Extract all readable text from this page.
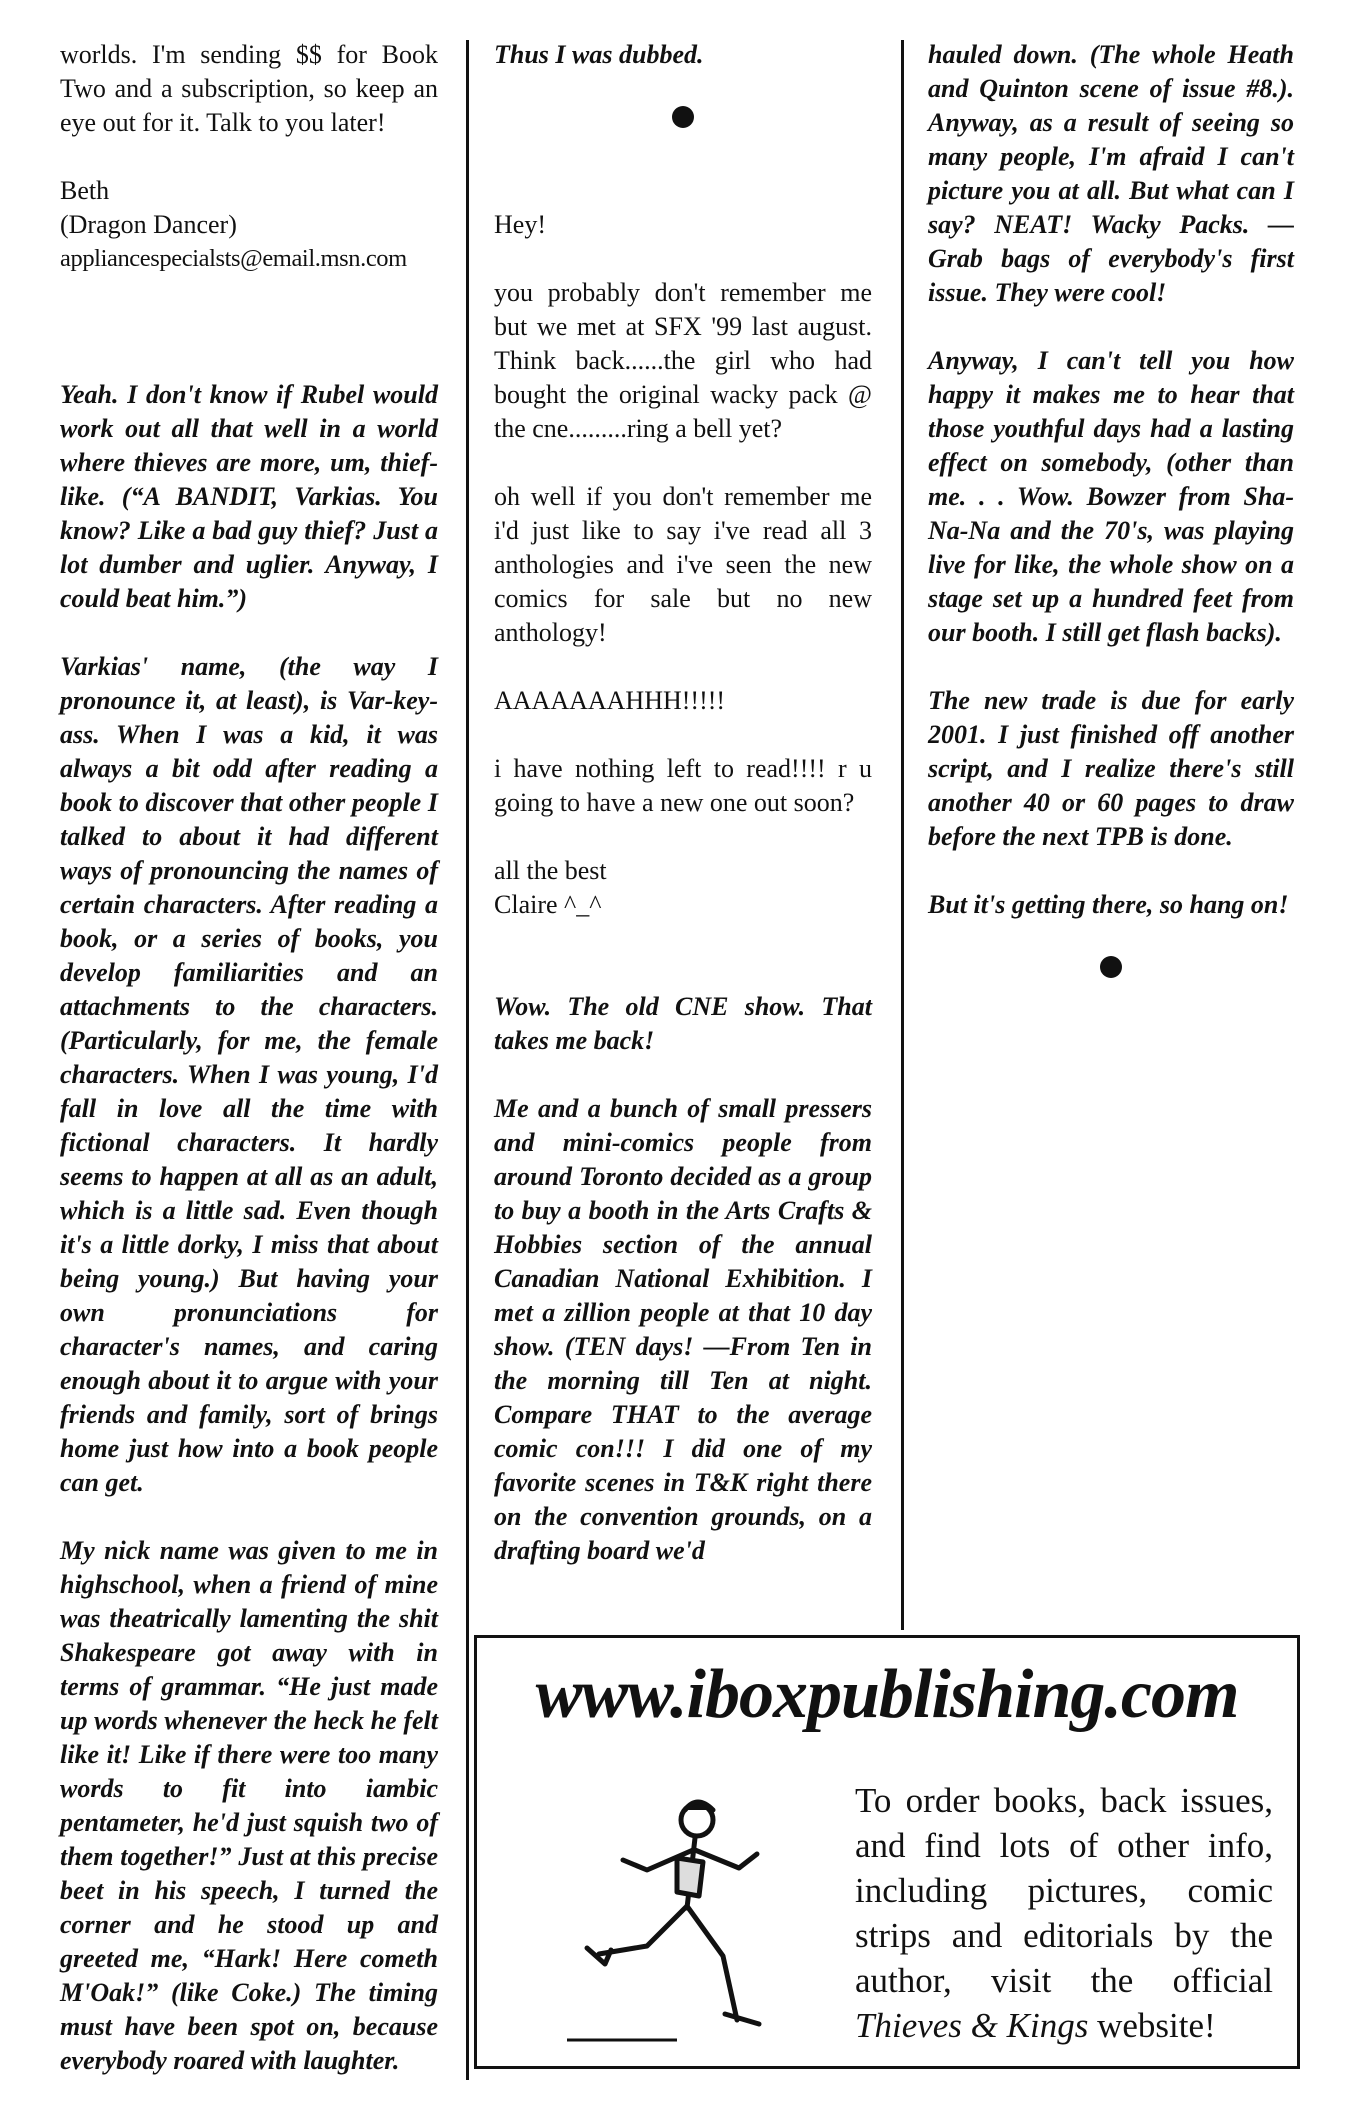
worlds. I'm sending $$ for Book Two and a subscription, so keep an eye out for it. Talk to you later!

Beth
(Dragon Dancer)
appliancespecialsts@email.msn.com

Yeah. I don't know if Rubel would work out all that well in a world where thieves are more, um, thief-like. (“A BANDIT, Varkias. You know? Like a bad guy thief? Just a lot dumber and uglier. Anyway, I could beat him.”)

Varkias' name, (the way I pronounce it, at least), is Var-key-ass. When I was a kid, it was always a bit odd after reading a book to discover that other people I talked to about it had different ways of pronouncing the names of certain characters. After reading a book, or a series of books, you develop familiarities and an attachments to the characters. (Particularly, for me, the female characters. When I was young, I'd fall in love all the time with fictional characters. It hardly seems to happen at all as an adult, which is a little sad. Even though it's a little dorky, I miss that about being young.) But having your own pronunciations for character's names, and caring enough about it to argue with your friends and family, sort of brings home just how into a book people can get.

My nick name was given to me in highschool, when a friend of mine was theatrically lamenting the shit Shakespeare got away with in terms of grammar. “He just made up words whenever the heck he felt like it! Like if there were too many words to fit into iambic pentameter, he'd just squish two of them together!” Just at this precise beet in his speech, I turned the corner and he stood up and greeted me, “Hark! Here cometh M'Oak!” (like Coke.) The timing must have been spot on, because everybody roared with laughter.

Thus I was dubbed.

Hey!

you probably don't remember me but we met at SFX '99 last august. Think back......the girl who had bought the original wacky pack @ the cne.........ring a bell yet?

oh well if you don't remember me i'd just like to say i've read all 3 anthologies and i've seen the new comics for sale but no new anthology!

AAAAAAAHHH!!!!!

i have nothing left to read!!!! r u going to have a new one out soon?

all the best
Claire ^_^

Wow. The old CNE show. That takes me back!

Me and a bunch of small pressers and mini-comics people from around Toronto decided as a group to buy a booth in the Arts Crafts & Hobbies section of the annual Canadian National Exhibition. I met a zillion people at that 10 day show. (TEN days! —From Ten in the morning till Ten at night. Compare THAT to the average comic con!!! I did one of my favorite scenes in T&K right there on the convention grounds, on a drafting board we'd

hauled down. (The whole Heath and Quinton scene of issue #8.). Anyway, as a result of seeing so many people, I'm afraid I can't picture you at all. But what can I say? NEAT! Wacky Packs. — Grab bags of everybody's first issue. They were cool!

Anyway, I can't tell you how happy it makes me to hear that those youthful days had a lasting effect on somebody, (other than me. . . Wow. Bowzer from Sha-Na-Na and the 70's, was playing live for like, the whole show on a stage set up a hundred feet from our booth. I still get flash backs).

The new trade is due for early 2001. I just finished off another script, and I realize there's still another 40 or 60 pages to draw before the next TPB is done.

But it's getting there, so hang on!

www.iboxpublishing.com
To order books, back issues, and find lots of other info, including pictures, comic strips and editorials by the author, visit the official Thieves & Kings website!
